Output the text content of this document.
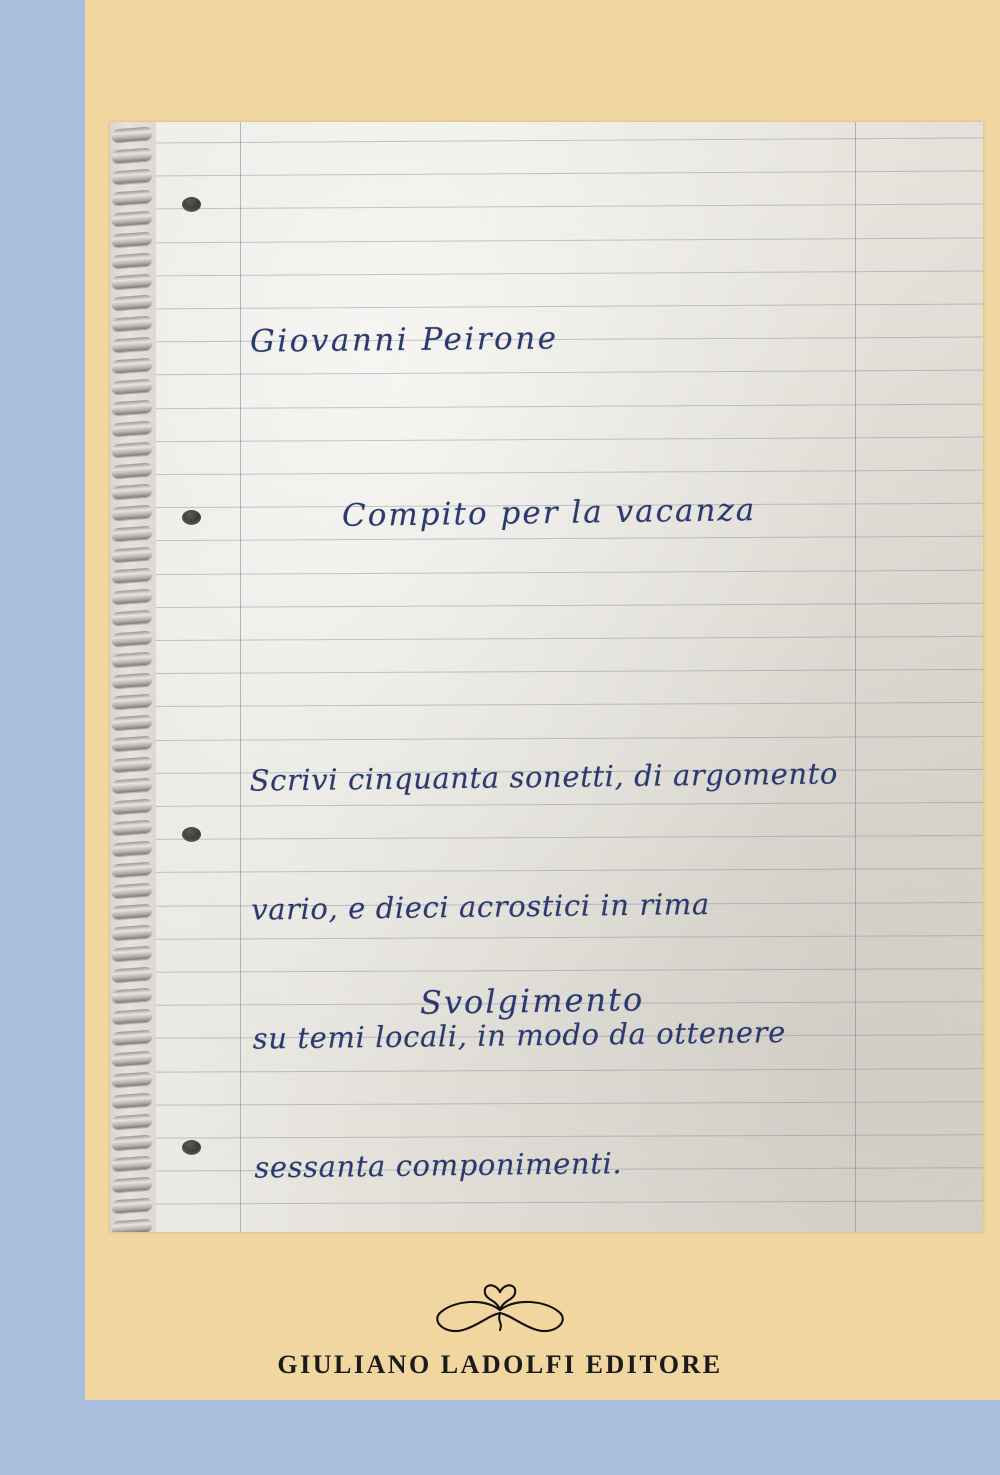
Giovanni Peirone
Compito per la vacanza

Scrivi cinquanta sonetti, di argomento

vario, e dieci acrostici in rima

su temi locali, in modo da ottenere

sessanta componimenti.

Svolgimento
GIULIANO LADOLFI EDITORE
